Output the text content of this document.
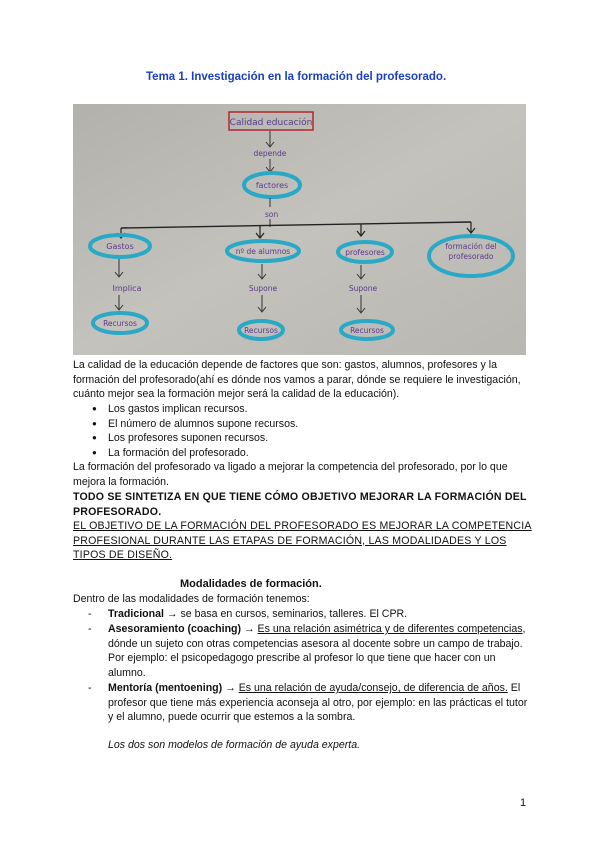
Tema 1. Investigación en la formación del profesorado.
Calidad educación
depende
factores
son
Gastos
nº de alumnos	profesores
formación del profesorado
Implica	Supone	Supone
Recursos
Recursos	Recursos
La calidad de la educación depende de factores que son: gastos, alumnos, profesores y la formación del profesorado(ahí es dónde nos vamos a parar, dónde se requiere le investigación, cuánto mejor sea la formación mejor será la calidad de la educación).
● Los gastos implican recursos.
● El número de alumnos supone recursos.
● Los profesores suponen recursos.
● La formación del profesorado.
La formación del profesorado va ligado a mejorar la competencia del profesorado, por lo que mejora la formación.
TODO SE SINTETIZA EN QUE TIENE CÓMO OBJETIVO MEJORAR LA FORMACIÓN DEL PROFESORADO.
EL OBJETIVO DE LA FORMACIÓN DEL PROFESORADO ES MEJORAR LA COMPETENCIA PROFESIONAL DURANTE LAS ETAPAS DE FORMACIÓN, LAS MODALIDADES Y LOS TIPOS DE DISEÑO.
Modalidades de formación.
Dentro de las modalidades de formación tenemos:
- Tradicional → se basa en cursos, seminarios, talleres. El CPR.
- Asesoramiento (coaching) → Es una relación asimétrica y de diferentes competencias, dónde un sujeto con otras competencias asesora al docente sobre un campo de trabajo. Por ejemplo: el psicopedagogo prescribe al profesor lo que tiene que hacer con un alumno.
- Mentoría (mentoening) → Es una relación de ayuda/consejo, de diferencia de años. El profesor que tiene más experiencia aconseja al otro, por ejemplo: en las prácticas el tutor y el alumno, puede ocurrir que estemos a la sombra.
Los dos son modelos de formación de ayuda experta.
1
